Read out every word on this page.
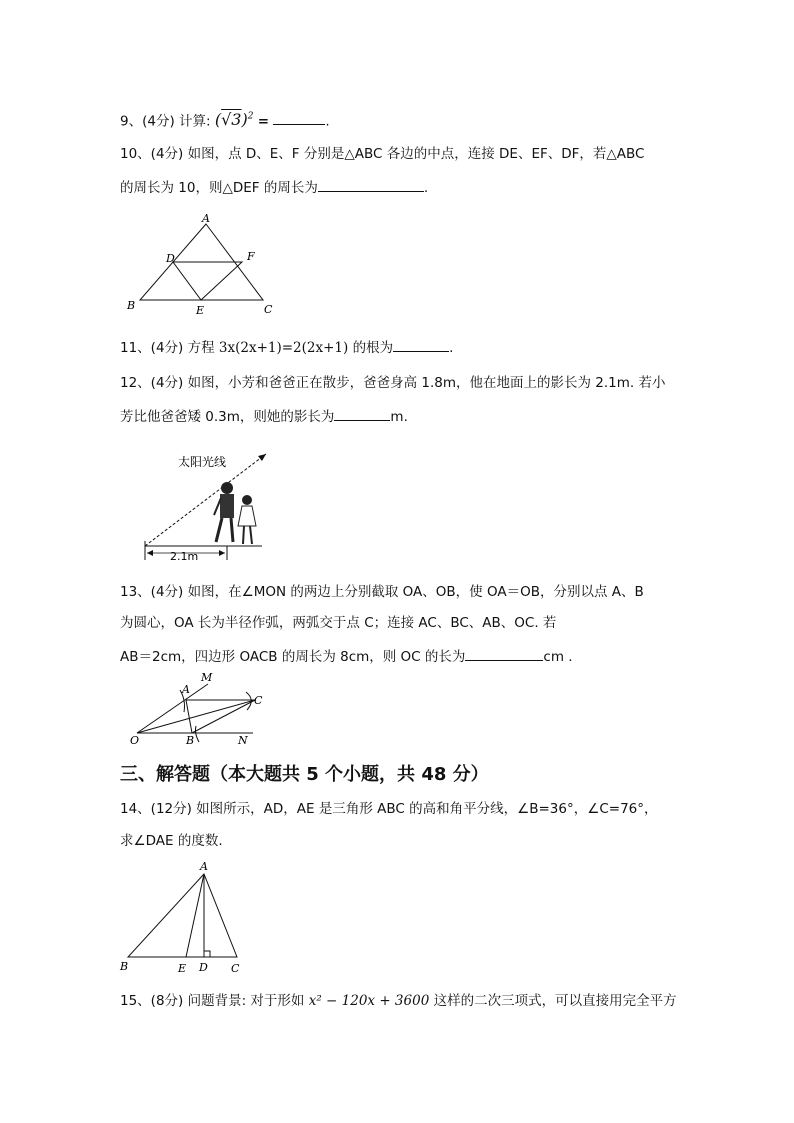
9、(4分) 计算: $(√3)^2$ =	.
10、(4分) 如图，点 D、E、F 分别是△ABC 各边的中点，连接 DE、EF、DF，若△ABC
的周长为 10，则△DEF 的周长为	.
A
B	C
D	F
E
11、(4分) 方程 3x(2x+1)=2(2x+1) 的根为	.
12、(4分) 如图，小芳和爸爸正在散步，爸爸身高 1.8m，他在地面上的影长为 2.1m. 若小
芳比他爸爸矮 0.3m，则她的影长为	m.
太阳光线
2.1m
13、(4分) 如图，在∠MON 的两边上分别截取 OA、OB，使 OA＝OB，分别以点 A、B
为圆心，OA 长为半径作弧，两弧交于点 C；连接 AC、BC、AB、OC. 若
AB＝2cm，四边形 OACB 的周长为 8cm，则 OC 的长为	cm .
O
A
B
C
M
N
三、解答题（本大题共 5 个小题，共 48 分）
14、(12分) 如图所示，AD，AE 是三角形 ABC 的高和角平分线，∠B=36°，∠C=76°，
求∠DAE 的度数.
A
B	E D C
15、(8分) 问题背景: 对于形如 x² − 120x + 3600 这样的二次三项式，可以直接用完全平方
